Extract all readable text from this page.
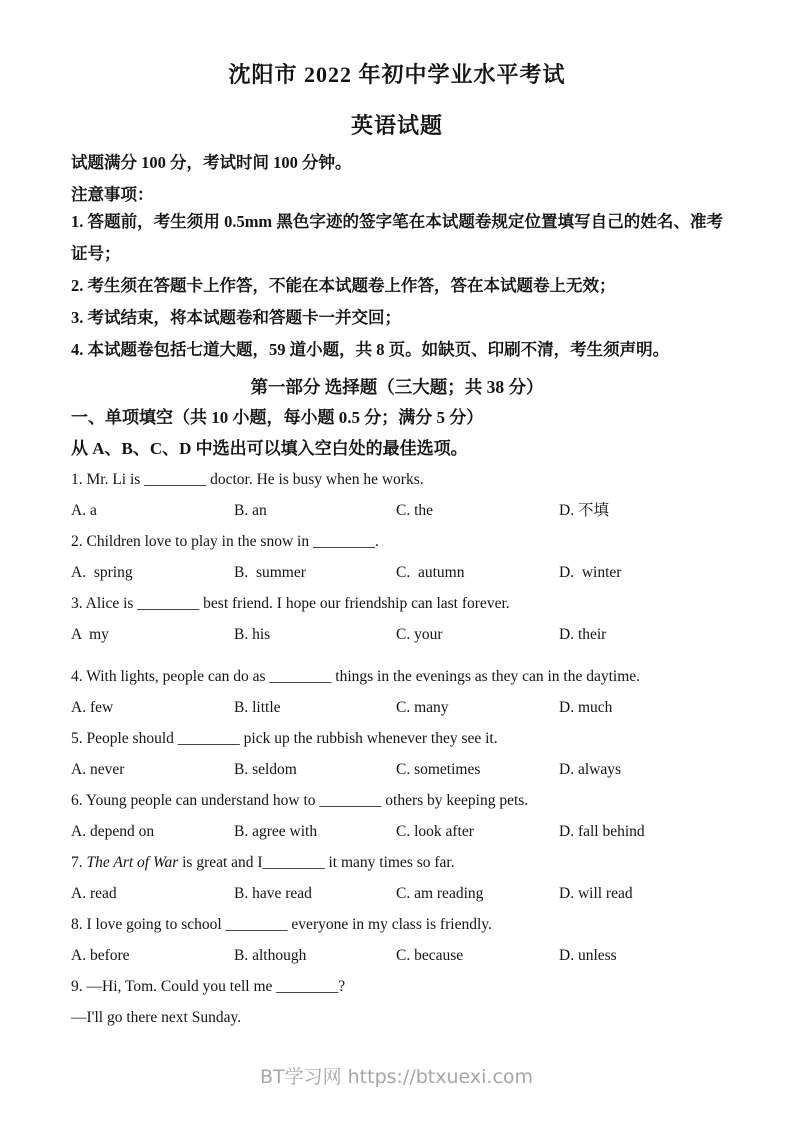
沈阳市 2022 年初中学业水平考试
英语试题

试题满分 100 分，考试时间 100 分钟。

注意事项：

1. 答题前，考生须用 0.5mm 黑色字迹的签字笔在本试题卷规定位置填写自己的姓名、准考证号；

2. 考生须在答题卡上作答，不能在本试题卷上作答，答在本试题卷上无效；

3. 考试结束，将本试题卷和答题卡一并交回；

4. 本试题卷包括七道大题，59 道小题，共 8 页。如缺页、印刷不清，考生须声明。

第一部分 选择题（三大题；共 38 分）

一、单项填空（共 10 小题，每小题 0.5 分；满分 5 分）

从 A、B、C、D 中选出可以填入空白处的最佳选项。

1. Mr. Li is ________ doctor. He is busy when he works.

A. a	B. an	C. the	D. 不填

2. Children love to play in the snow in ________.

A.  spring	B.  summer	C.  autumn	D.  winter

3. Alice is ________ best friend. I hope our friendship can last forever.

A  my	B. his	C. your	D. their

4. With lights, people can do as ________ things in the evenings as they can in the daytime.

A. few	B. little	C. many	D. much

5. People should ________ pick up the rubbish whenever they see it.

A. never	B. seldom	C. sometimes	D. always

6. Young people can understand how to ________ others by keeping pets.

A. depend on	B. agree with	C. look after	D. fall behind

7. The Art of War is great and I________ it many times so far.

A. read	B. have read	C. am reading	D. will read

8. I love going to school ________ everyone in my class is friendly.

A. before	B. although	C. because	D. unless

9. —Hi, Tom. Could you tell me ________?

—I'll go there next Sunday.

BT学习网 https://btxuexi.com
